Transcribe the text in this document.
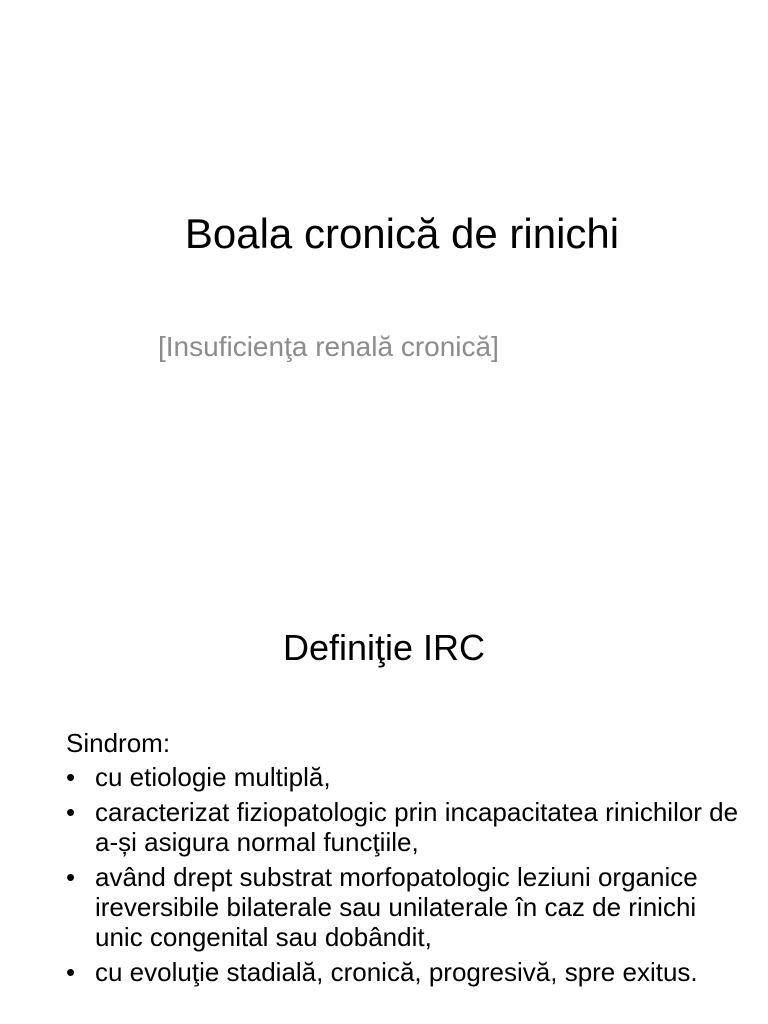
Boala cronică de rinichi
[Insuficienţa renală cronică]
Definiţie IRC

Sindrom:

• cu etiologie multiplă,
• caracterizat fiziopatologic prin incapacitatea rinichilor de a-și asigura normal funcţiile,
• având drept substrat morfopatologic leziuni organice ireversibile bilaterale sau unilaterale în caz de rinichi unic congenital sau dobândit,
• cu evoluţie stadială, cronică, progresivă, spre exitus.
